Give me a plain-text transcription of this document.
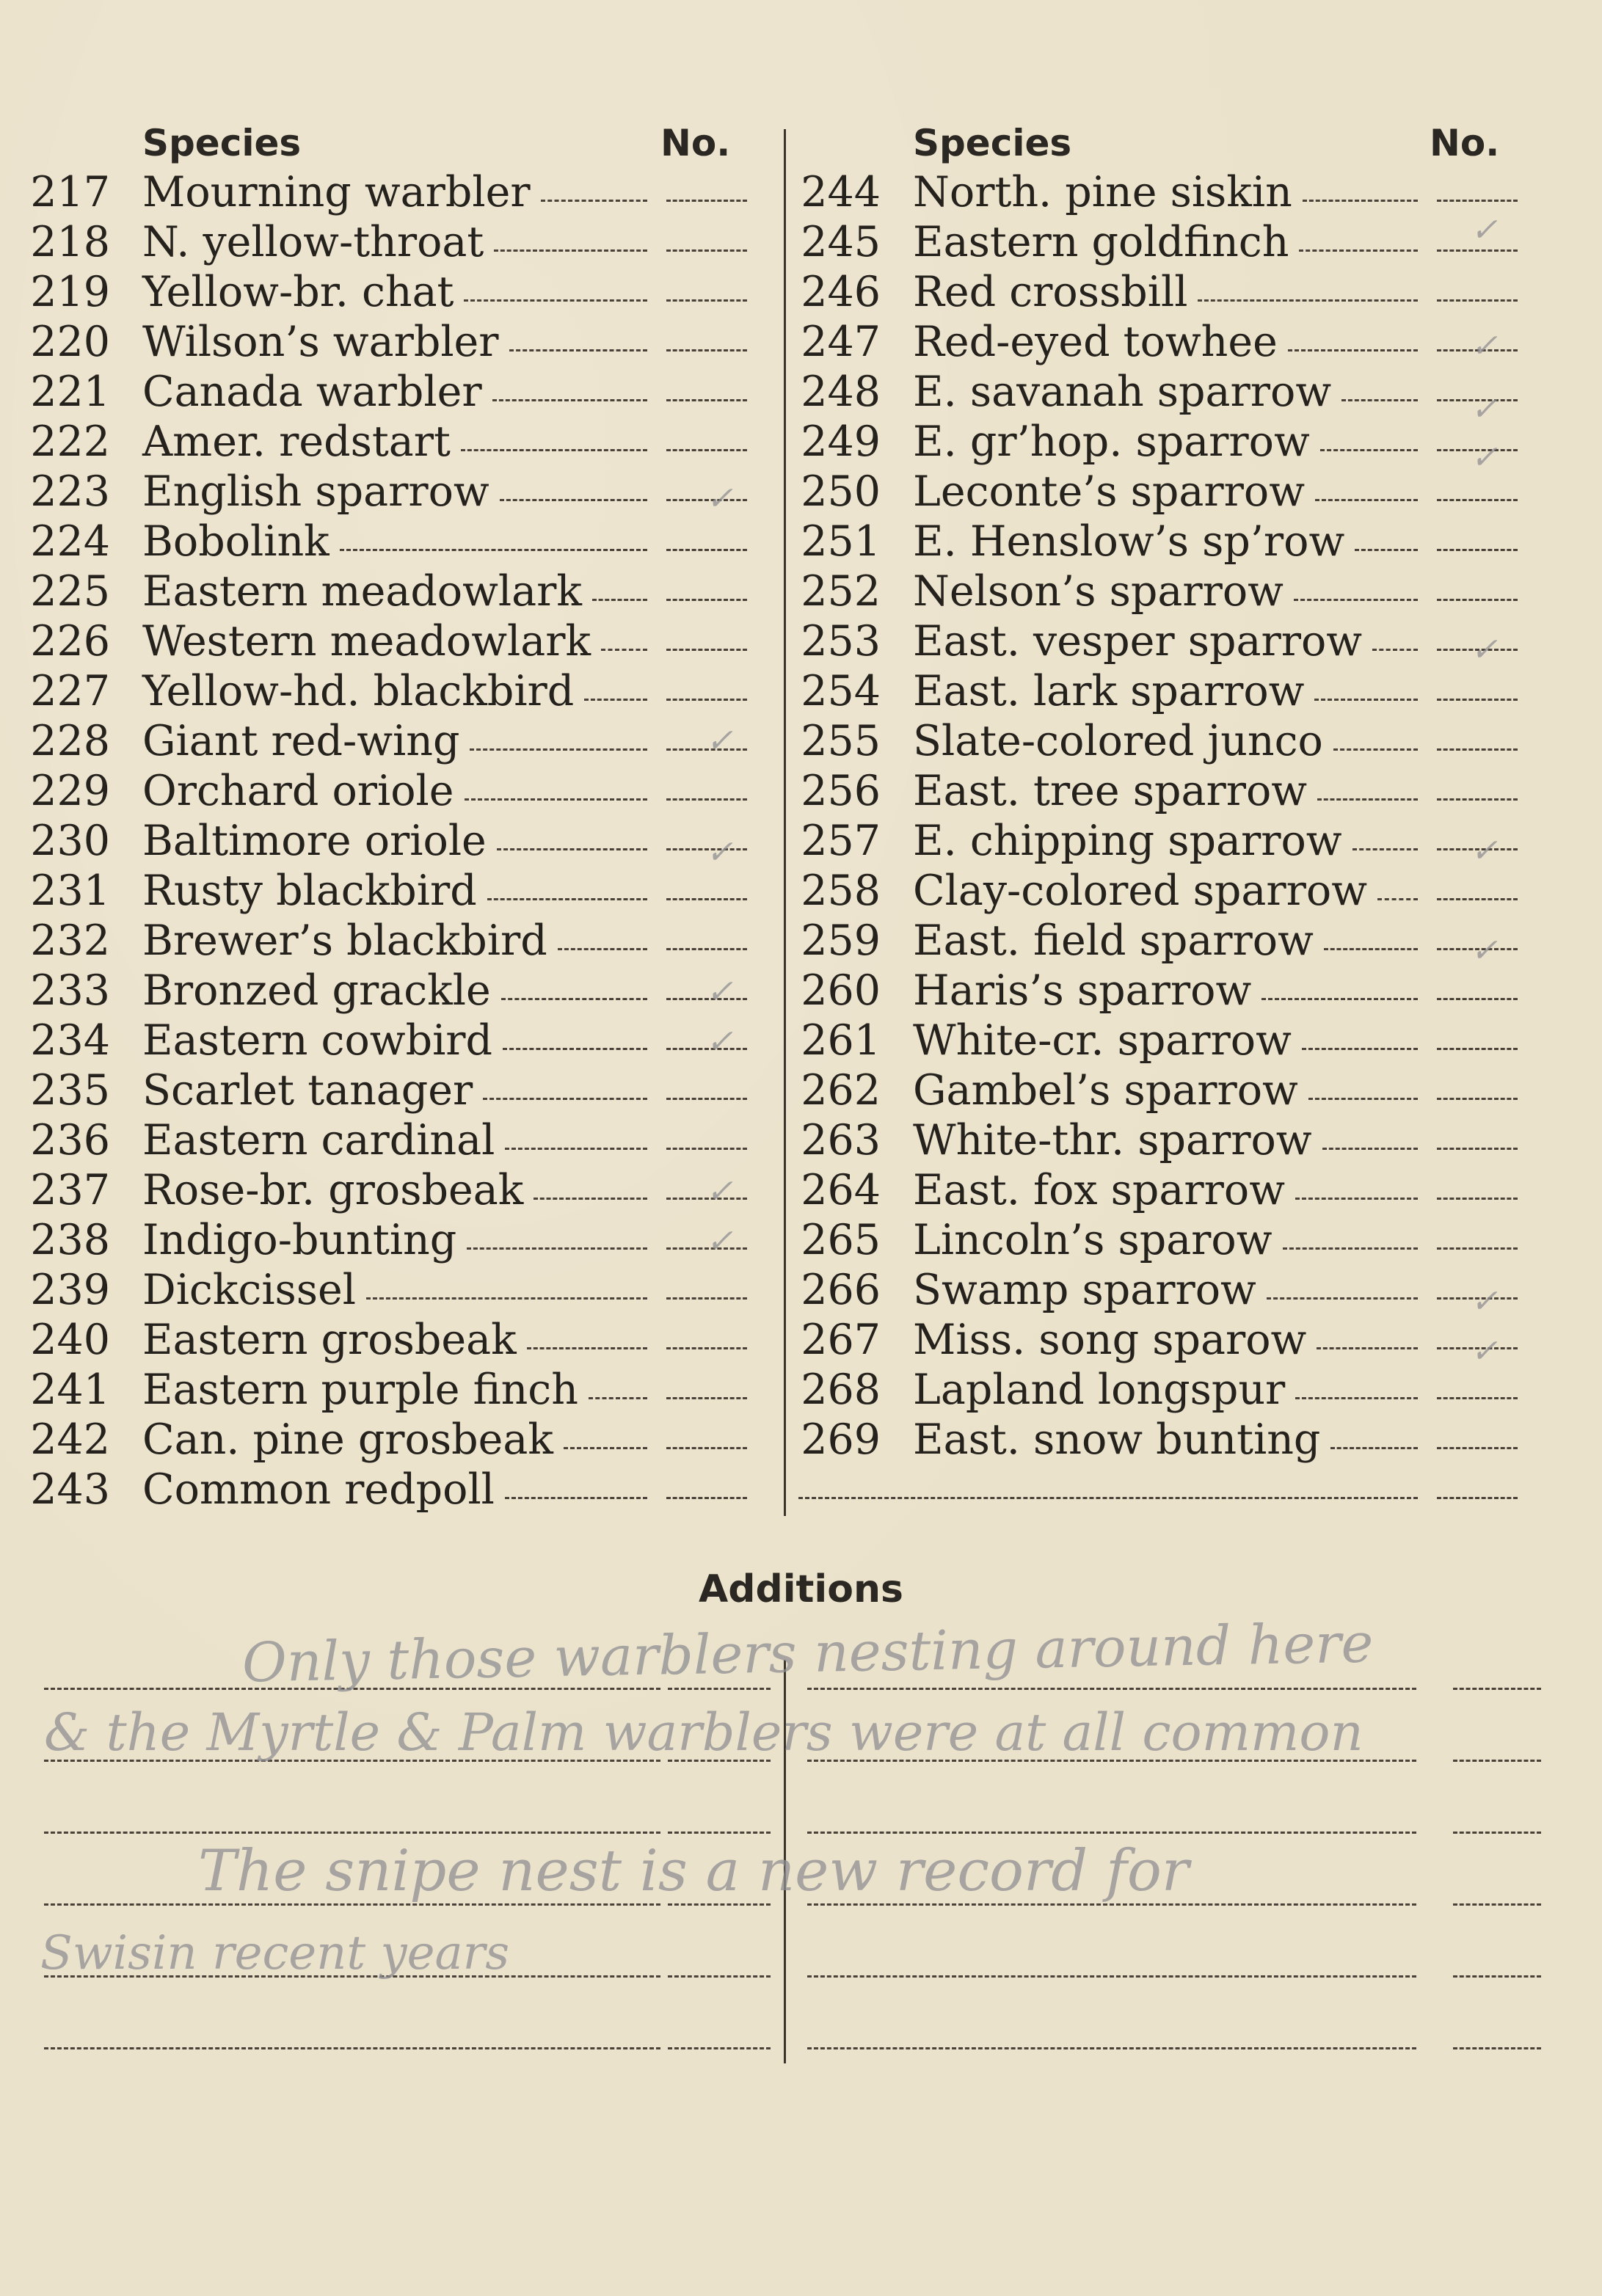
Species	No.
217 Mourning warbler
218 N. yellow-throat
219 Yellow-br. chat
220 Wilson’s warbler
221 Canada warbler
222 Amer. redstart
223 English sparrow
224 Bobolink
225 Eastern meadowlark
226 Western meadowlark
227 Yellow-hd. blackbird
228 Giant red-wing
229 Orchard oriole
230 Baltimore oriole
231 Rusty blackbird
232 Brewer’s blackbird
233 Bronzed grackle
234 Eastern cowbird
235 Scarlet tanager
236 Eastern cardinal
237 Rose-br. grosbeak
238 Indigo-bunting
239 Dickcissel
240 Eastern grosbeak
241 Eastern purple finch
242 Can. pine grosbeak
243 Common redpoll
Species	No.
244 North. pine siskin
245 Eastern goldfinch
246 Red crossbill
247 Red-eyed towhee
248 E. savanah sparrow
249 E. gr’hop. sparrow
250 Leconte’s sparrow
251 E. Henslow’s sp’row
252 Nelson’s sparrow
253 East. vesper sparrow
254 East. lark sparrow
255 Slate-colored junco
256 East. tree sparrow
257 E. chipping sparrow
258 Clay-colored sparrow
259 East. field sparrow
260 Haris’s sparrow
261 White-cr. sparrow
262 Gambel’s sparrow
263 White-thr. sparrow
264 East. fox sparrow
265 Lincoln’s sparow
266 Swamp sparrow
267 Miss. song sparow
268 Lapland longspur
269 East. snow bunting
Additions
Only those warblers nesting around here
& the Myrtle & Palm warblers were at all common
The snipe nest is a new record for
Swisin recent years
✓
✓
✓
✓
✓
✓
✓
✓
✓
✓
✓
✓
✓
✓
✓
✓
